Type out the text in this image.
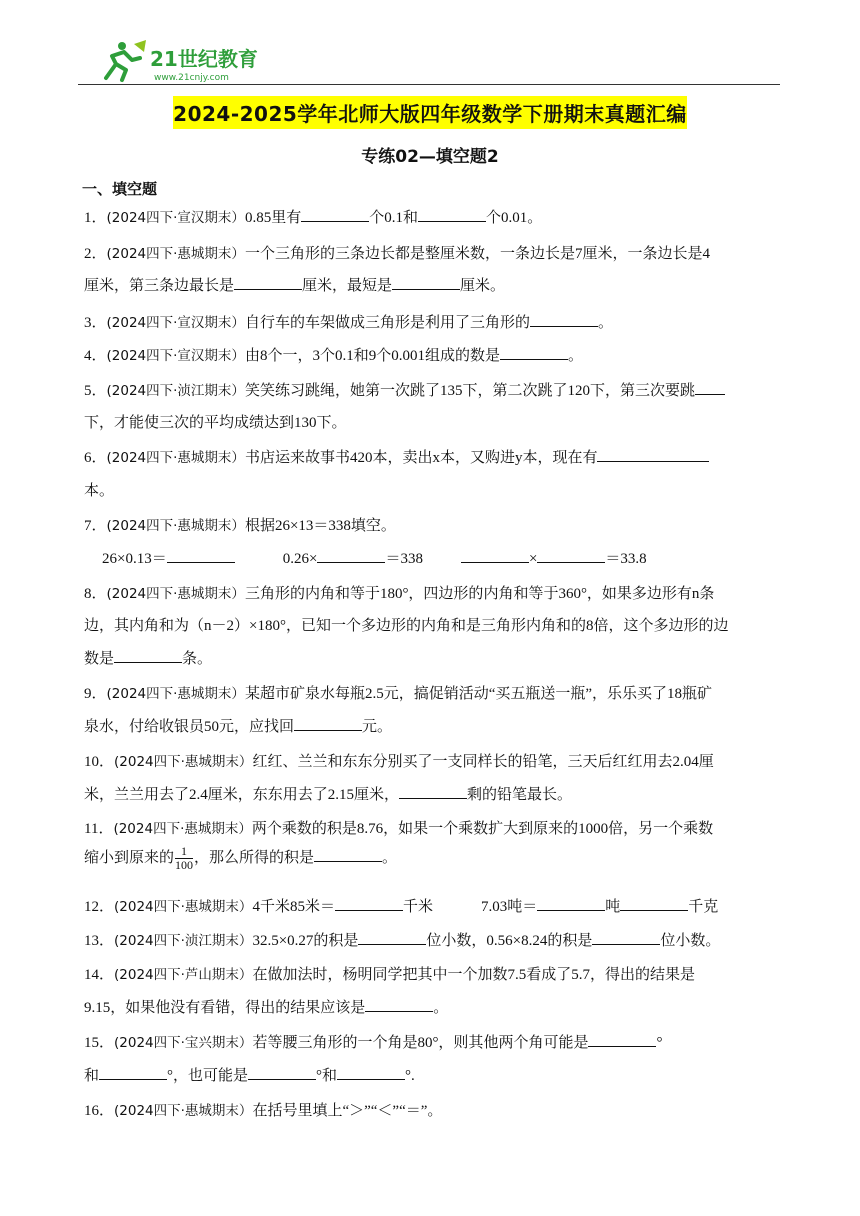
21世纪教育
www.21cnjy.com
2024-2025学年北师大版四年级数学下册期末真题汇编
专练02—填空题2
一、填空题
1．(2024四下·宣汉期末）0.85里有	个0.1和	个0.01。
2．(2024四下·惠城期末）一个三角形的三条边长都是整厘米数，一条边长是7厘米，一条边长是4
厘米，第三条边最长是	厘米，最短是	厘米。
3．(2024四下·宣汉期末）自行车的车架做成三角形是利用了三角形的	。
4．(2024四下·宣汉期末）由8个一，3个0.1和9个0.001组成的数是	。
5．(2024四下·浈江期末）笑笑练习跳绳，她第一次跳了135下，第二次跳了120下，第三次要跳
下，才能使三次的平均成绩达到130下。
6．(2024四下·惠城期末）书店运来故事书420本，卖出x本，又购进y本，现在有
本。
7．(2024四下·惠城期末）根据26×13＝338填空。
26×0.13＝	0.26×	＝338	×	＝33.8
8．(2024四下·惠城期末）三角形的内角和等于180°，四边形的内角和等于360°，如果多边形有n条
边，其内角和为（n－2）×180°，已知一个多边形的内角和是三角形内角和的8倍，这个多边形的边
数是	条。
9．(2024四下·惠城期末）某超市矿泉水每瓶2.5元，搞促销活动“买五瓶送一瓶”，乐乐买了18瓶矿
泉水，付给收银员50元，应找回	元。
10．(2024四下·惠城期末）红红、兰兰和东东分别买了一支同样长的铅笔，三天后红红用去2.04厘
米，兰兰用去了2.4厘米，东东用去了2.15厘米，	剩的铅笔最长。
11．(2024四下·惠城期末）两个乘数的积是8.76，如果一个乘数扩大到原来的1000倍，另一个乘数
缩小到原来的 $\frac{1}{100}$ ，那么所得的积是	。
12．(2024四下·惠城期末）4千米85米＝	千米	7.03吨＝	吨	千克
13．(2024四下·浈江期末）32.5×0.27的积是	位小数，0.56×8.24的积是	位小数。
14．(2024四下·芦山期末）在做加法时，杨明同学把其中一个加数7.5看成了5.7，得出的结果是
9.15，如果他没有看错，得出的结果应该是	。
15．(2024四下·宝兴期末）若等腰三角形的一个角是80°，则其他两个角可能是	°
和	°，也可能是	°和	°.
16．(2024四下·惠城期末）在括号里填上“＞”“＜”“＝”。
